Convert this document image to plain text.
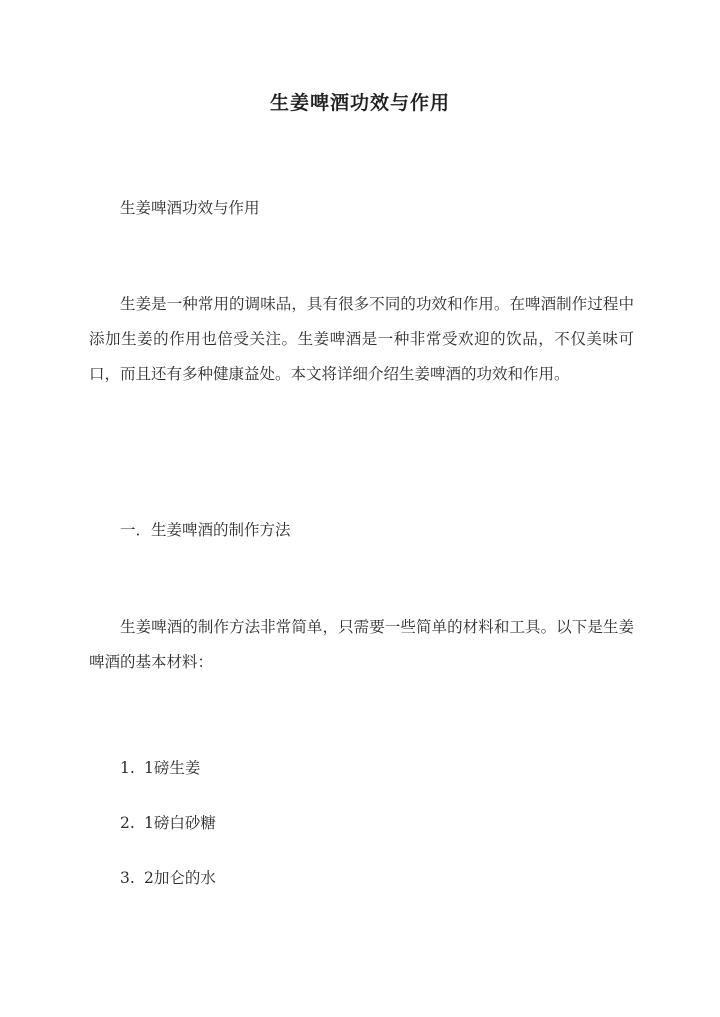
生姜啤酒功效与作用
生姜啤酒功效与作用
生姜是一种常用的调味品，具有很多不同的功效和作用。在啤酒制作过程中添加生姜的作用也倍受关注。生姜啤酒是一种非常受欢迎的饮品，不仅美味可口，而且还有多种健康益处。本文将详细介绍生姜啤酒的功效和作用。
一．生姜啤酒的制作方法
生姜啤酒的制作方法非常简单，只需要一些简单的材料和工具。以下是生姜啤酒的基本材料：
1. 1磅生姜
2. 1磅白砂糖
3. 2加仑的水
